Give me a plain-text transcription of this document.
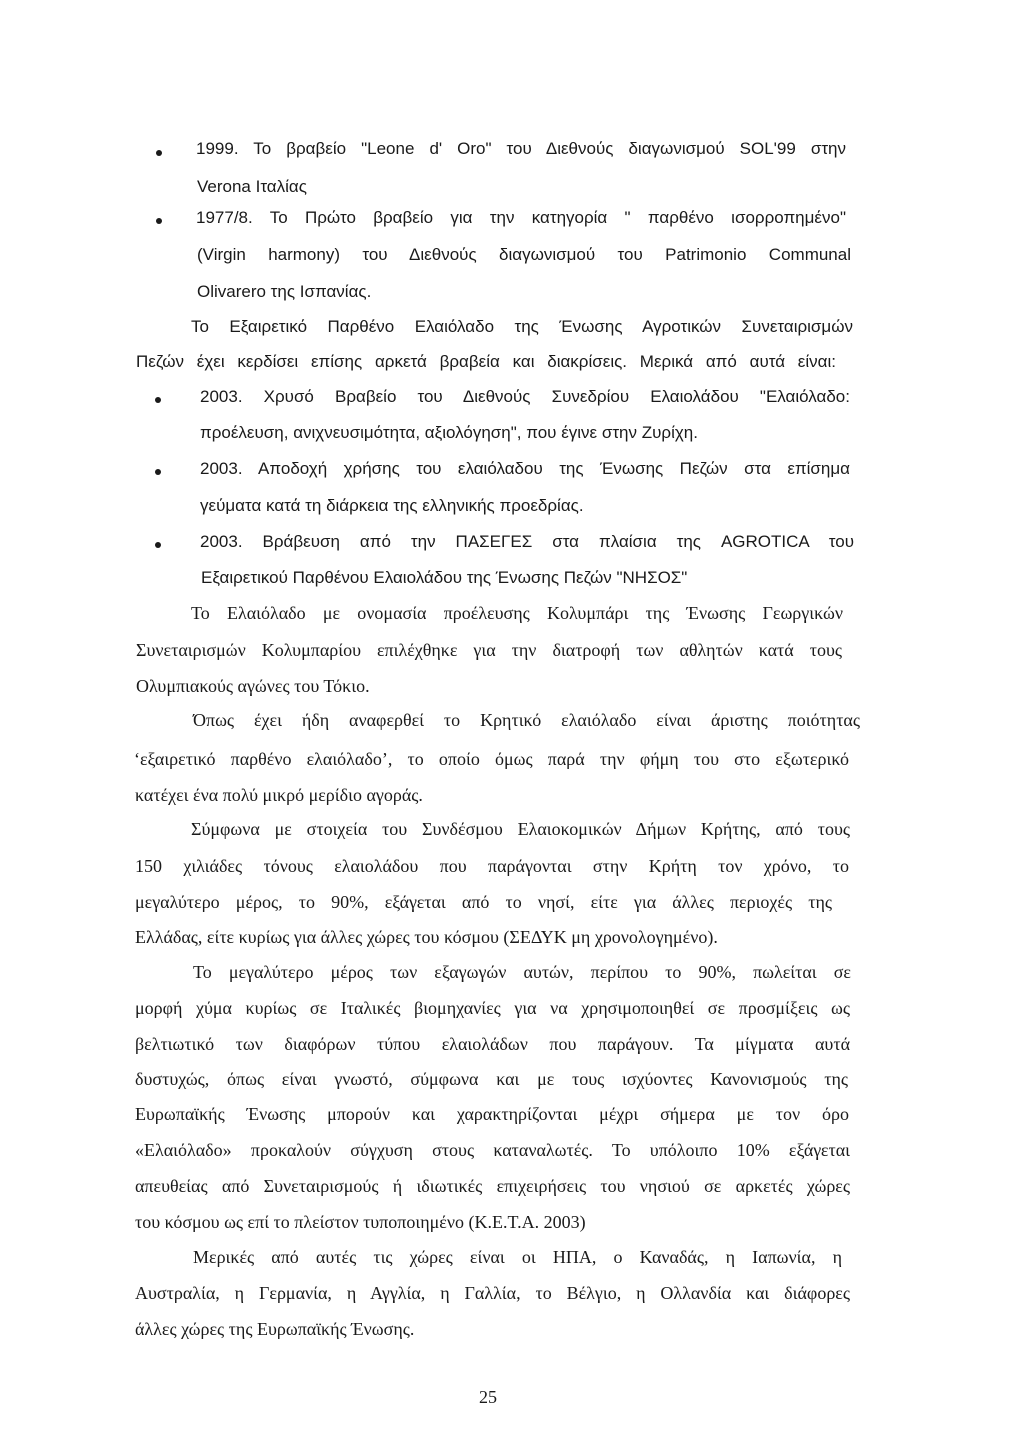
1999. Το βραβείο "Leone d' Oro" του Διεθνούς διαγωνισμού SOL'99 στην

Verona Ιταλίας

1977/8. Το Πρώτο βραβείο για την κατηγορία " παρθένο ισορροπημένο"

(Virgin harmony) του Διεθνούς διαγωνισμού του Patrimonio Communal

Olivarero της Ισπανίας.

Το Εξαιρετικό Παρθένο Ελαιόλαδο της Ένωσης Αγροτικών Συνεταιρισμών

Πεζών έχει κερδίσει επίσης αρκετά βραβεία και διακρίσεις. Μερικά από αυτά είναι:

2003. Χρυσό Βραβείο του Διεθνούς Συνεδρίου Ελαιολάδου "Ελαιόλαδο:

προέλευση, ανιχνευσιμότητα, αξιολόγηση", που έγινε στην Ζυρίχη.

2003. Αποδοχή χρήσης του ελαιόλαδου της Ένωσης Πεζών στα επίσημα

γεύματα κατά τη διάρκεια της ελληνικής προεδρίας.

2003. Βράβευση από την ΠΑΣΕΓΕΣ στα πλαίσια της AGROTICA του

Εξαιρετικού Παρθένου Ελαιολάδου της Ένωσης Πεζών "ΝΗΣΟΣ"

Το Ελαιόλαδο με ονομασία προέλευσης Κολυμπάρι της Ένωσης Γεωργικών

Συνεταιρισμών Κολυμπαρίου επιλέχθηκε για την διατροφή των αθλητών κατά τους

Ολυμπιακούς αγώνες του Τόκιο.

Όπως έχει ήδη αναφερθεί το Κρητικό ελαιόλαδο είναι άριστης ποιότητας

‘εξαιρετικό παρθένο ελαιόλαδο’, το οποίο όμως παρά την φήμη του στο εξωτερικό

κατέχει ένα πολύ μικρό μερίδιο αγοράς.

Σύμφωνα με στοιχεία του Συνδέσμου Ελαιοκομικών Δήμων Κρήτης, από τους

150 χιλιάδες τόνους ελαιολάδου που παράγονται στην Κρήτη τον χρόνο, το

μεγαλύτερο μέρος, το 90%, εξάγεται από το νησί, είτε για άλλες περιοχές της

Ελλάδας, είτε κυρίως για άλλες χώρες του κόσμου (ΣΕΔΥΚ μη χρονολογημένο).

Το μεγαλύτερο μέρος των εξαγωγών αυτών, περίπου το 90%, πωλείται σε

μορφή χύμα κυρίως σε Ιταλικές βιομηχανίες για να χρησιμοποιηθεί σε προσμίξεις ως

βελτιωτικό των διαφόρων τύπου ελαιολάδων που παράγουν. Τα μίγματα αυτά

δυστυχώς, όπως είναι γνωστό, σύμφωνα και με τους ισχύοντες Κανονισμούς της

Ευρωπαϊκής Ένωσης μπορούν και χαρακτηρίζονται μέχρι σήμερα με τον όρο

«Ελαιόλαδο» προκαλούν σύγχυση στους καταναλωτές. Το υπόλοιπο 10% εξάγεται

απευθείας από Συνεταιρισμούς ή ιδιωτικές επιχειρήσεις του νησιού σε αρκετές χώρες

του κόσμου ως επί το πλείστον τυποποιημένο (Κ.Ε.Τ.Α. 2003)

Μερικές από αυτές τις χώρες είναι οι ΗΠΑ, ο Καναδάς, η Ιαπωνία, η

Αυστραλία, η Γερμανία, η Αγγλία, η Γαλλία, το Βέλγιο, η Ολλανδία και διάφορες

άλλες χώρες της Ευρωπαϊκής Ένωσης.

25
